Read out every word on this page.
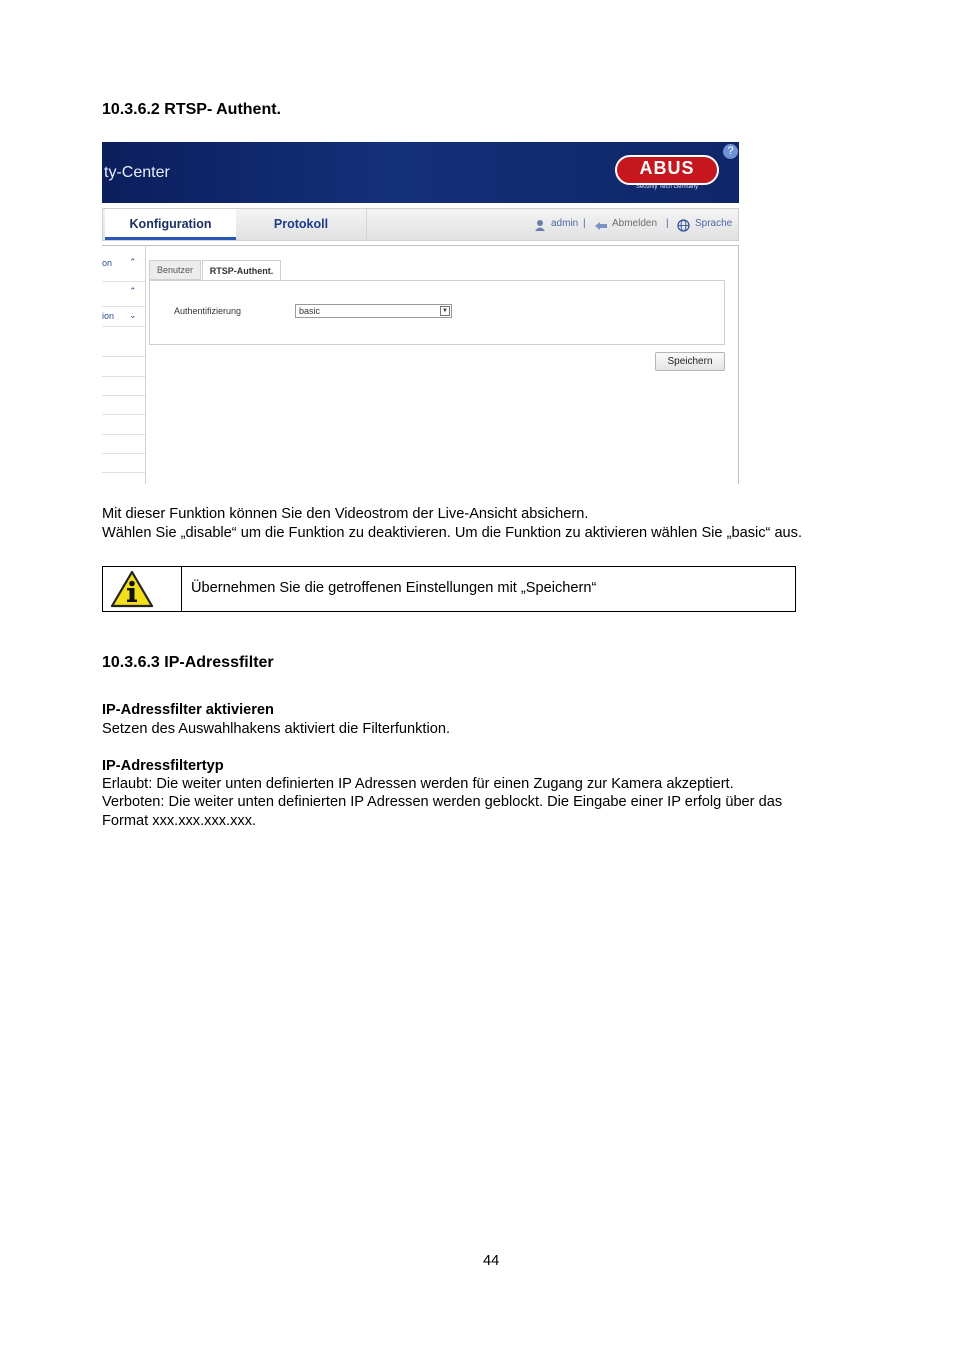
10.3.6.2 RTSP- Authent.
ty-Center	ABUS
Security Tech Germany
?
Konfiguration	Protokoll	admin |	Abmelden |	Sprache
on ⌃
⌃
ion ⌄
Benutzer	RTSP-Authent.
Authentifizierung	basic	▼
Speichern
Mit dieser Funktion können Sie den Videostrom der Live-Ansicht absichern.
Wählen Sie „disable“ um die Funktion zu deaktivieren. Um die Funktion zu aktivieren wählen Sie „basic“ aus.
Übernehmen Sie die getroffenen Einstellungen mit „Speichern“
10.3.6.3 IP-Adressfilter
IP-Adressfilter aktivieren
Setzen des Auswahlhakens aktiviert die Filterfunktion.
IP-Adressfiltertyp
Erlaubt: Die weiter unten definierten IP Adressen werden für einen Zugang zur Kamera akzeptiert.
Verboten: Die weiter unten definierten IP Adressen werden geblockt. Die Eingabe einer IP erfolg über das
Format xxx.xxx.xxx.xxx.
44
